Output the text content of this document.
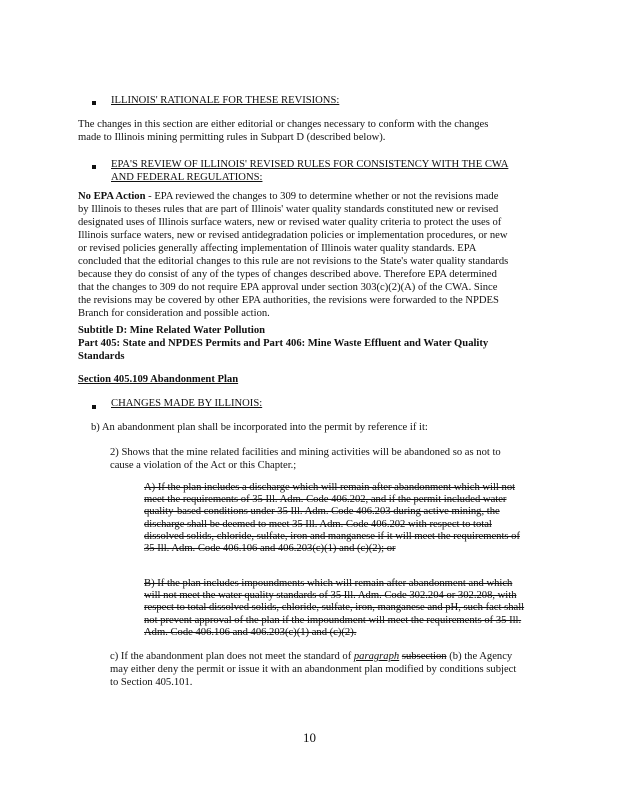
ILLINOIS' RATIONALE FOR THESE REVISIONS:
The changes in this section are either editorial or changes necessary to conform with the changes
made to Illinois mining permitting rules in Subpart D (described below).
EPA'S REVIEW OF ILLINOIS' REVISED RULES FOR CONSISTENCY WITH THE CWA
AND FEDERAL REGULATIONS:
No EPA Action - EPA reviewed the changes to 309 to determine whether or not the revisions made
by Illinois to theses rules that are part of Illinois' water quality standards constituted new or revised
designated uses of Illinois surface waters, new or revised water quality criteria to protect the uses of
Illinois surface waters, new or revised antidegradation policies or implementation procedures, or new
or revised policies generally affecting implementation of Illinois water quality standards. EPA
concluded that the editorial changes to this rule are not revisions to the State's water quality standards
because they do consist of any of the types of changes described above. Therefore EPA determined
that the changes to 309 do not require EPA approval under section 303(c)(2)(A) of the CWA. Since
the revisions may be covered by other EPA authorities, the revisions were forwarded to the NPDES
Branch for consideration and possible action.
Subtitle D: Mine Related Water Pollution
Part 405: State and NPDES Permits and Part 406: Mine Waste Effluent and Water Quality
Standards
Section 405.109 Abandonment Plan
CHANGES MADE BY ILLINOIS:
b) An abandonment plan shall be incorporated into the permit by reference if it:
2) Shows that the mine related facilities and mining activities will be abandoned so as not to
cause a violation of the Act or this Chapter.;
A) If the plan includes a discharge which will remain after abandonment which will not
meet the requirements of 35 Ill. Adm. Code 406.202, and if the permit included water
quality-based conditions under 35 Ill. Adm. Code 406.203 during active mining, the
discharge shall be deemed to meet 35 Ill. Adm. Code 406.202 with respect to total
dissolved solids, chloride, sulfate, iron and manganese if it will meet the requirements of
35 Ill. Adm. Code 406.106 and 406.203(c)(1) and (c)(2); or
B) If the plan includes impoundments which will remain after abandonment and which
will not meet the water quality standards of 35 Ill. Adm. Code 302.204 or 302.208, with
respect to total dissolved solids, chloride, sulfate, iron, manganese and pH, such fact shall
not prevent approval of the plan if the impoundment will meet the requirements of 35 Ill.
Adm. Code 406.106 and 406.203(c)(1) and (c)(2).
c) If the abandonment plan does not meet the standard of paragraph subsection (b) the Agency
may either deny the permit or issue it with an abandonment plan modified by conditions subject
to Section 405.101.
10
